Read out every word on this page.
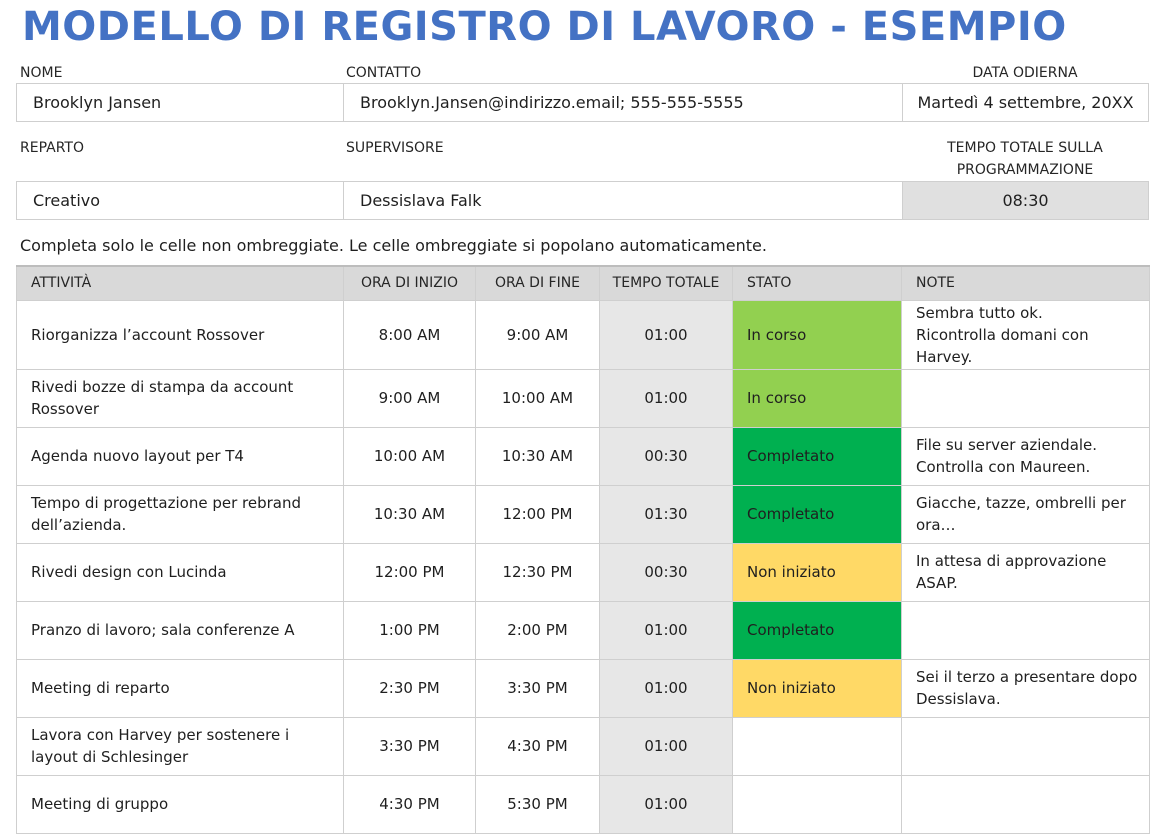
MODELLO DI REGISTRO DI LAVORO - ESEMPIO
NOME	CONTATTO	DATA ODIERNA
Brooklyn Jansen	Brooklyn.Jansen@indirizzo.email; 555-555-5555	Martedì 4 settembre, 20XX
REPARTO	SUPERVISORE	TEMPO TOTALE SULLA PROGRAMMAZIONE
Creativo	Dessislava Falk	08:30
Completa solo le celle non ombreggiate. Le celle ombreggiate si popolano automaticamente.
ATTIVITÀ	ORA DI INIZIO	ORA DI FINE	TEMPO TOTALE	STATO	NOTE
Riorganizza l’account Rossover	8:00 AM	9:00 AM	01:00	In corso	Sembra tutto ok.
Ricontrolla domani con Harvey.
Rivedi bozze di stampa da account Rossover	9:00 AM	10:00 AM	01:00	In corso	
Agenda nuovo layout per T4	10:00 AM	10:30 AM	00:30	Completato	File su server aziendale.
Controlla con Maureen.
Tempo di progettazione per rebrand dell’azienda.	10:30 AM	12:00 PM	01:30	Completato	Giacche, tazze, ombrelli per ora…
Rivedi design con Lucinda	12:00 PM	12:30 PM	00:30	Non iniziato	In attesa di approvazione ASAP.
Pranzo di lavoro; sala conferenze A	1:00 PM	2:00 PM	01:00	Completato	
Meeting di reparto	2:30 PM	3:30 PM	01:00	Non iniziato	Sei il terzo a presentare dopo Dessislava.
Lavora con Harvey per sostenere i layout di Schlesinger	3:30 PM	4:30 PM	01:00		
Meeting di gruppo	4:30 PM	5:30 PM	01:00		
